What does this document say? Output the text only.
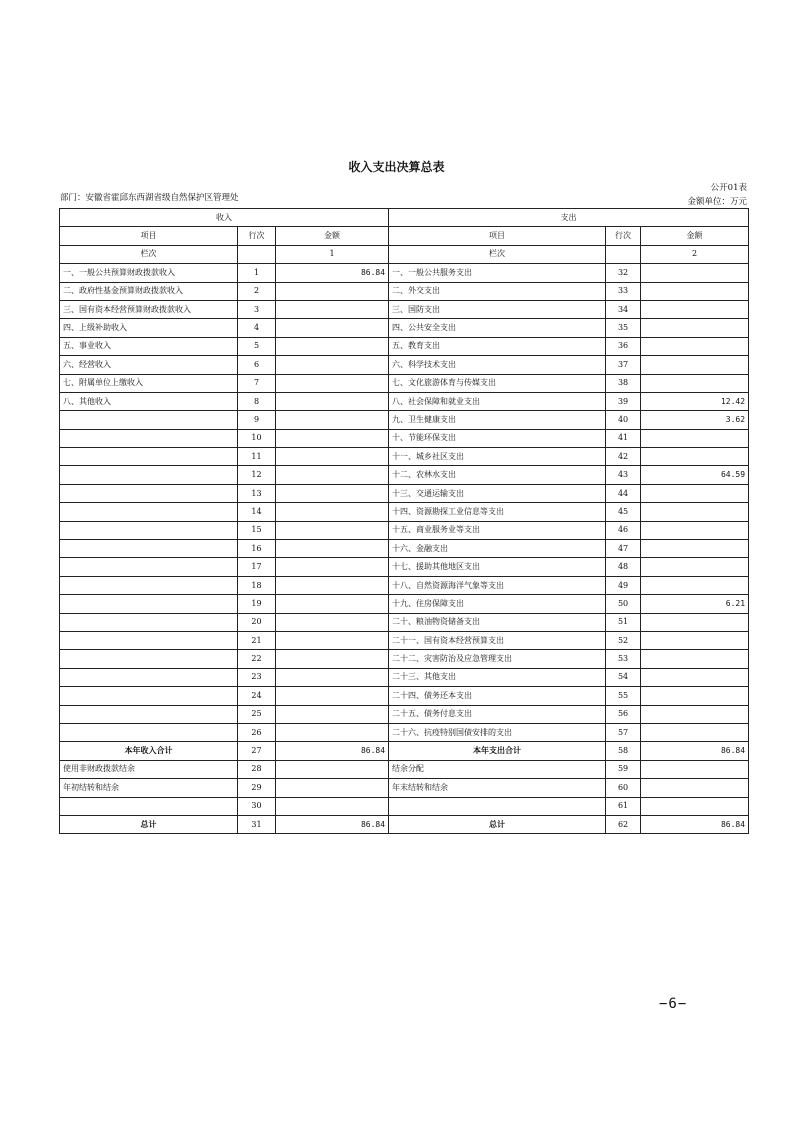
收入支出决算总表
公开01表
部门：安徽省霍邱东西湖省级自然保护区管理处	金额单位：万元
收入			支出		
项目	行次	金额	项目	行次	金额
栏次		1	栏次		2
一、一般公共预算财政拨款收入	1	86.84	一、一般公共服务支出	32	
二、政府性基金预算财政拨款收入	2		二、外交支出	33	
三、国有资本经营预算财政拨款收入	3		三、国防支出	34	
四、上级补助收入	4		四、公共安全支出	35	
五、事业收入	5		五、教育支出	36	
六、经营收入	6		六、科学技术支出	37	
七、附属单位上缴收入	7		七、文化旅游体育与传媒支出	38	
八、其他收入	8		八、社会保障和就业支出	39	12.42
	9		九、卫生健康支出	40	3.62
	10		十、节能环保支出	41	
	11		十一、城乡社区支出	42	
	12		十二、农林水支出	43	64.59
	13		十三、交通运输支出	44	
	14		十四、资源勘探工业信息等支出	45	
	15		十五、商业服务业等支出	46	
	16		十六、金融支出	47	
	17		十七、援助其他地区支出	48	
	18		十八、自然资源海洋气象等支出	49	
	19		十九、住房保障支出	50	6.21
	20		二十、粮油物资储备支出	51	
	21		二十一、国有资本经营预算支出	52	
	22		二十二、灾害防治及应急管理支出	53	
	23		二十三、其他支出	54	
	24		二十四、债务还本支出	55	
	25		二十五、债务付息支出	56	
	26		二十六、抗疫特别国债安排的支出	57	
本年收入合计	27	86.84	本年支出合计	58	86.84
使用非财政拨款结余	28		结余分配	59	
年初结转和结余	29		年末结转和结余	60	
	30			61	
总计	31	86.84	总计	62	86.84
−6−
